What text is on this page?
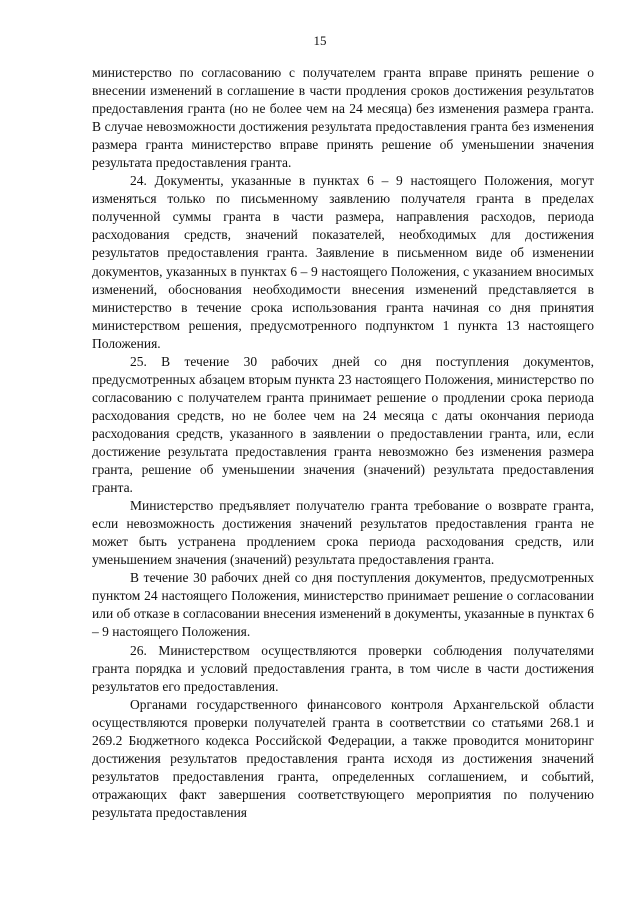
15

министерство по согласованию с получателем гранта вправе принять решение о внесении изменений в соглашение в части продления сроков достижения результатов предоставления гранта (но не более чем на 24 месяца) без изменения размера гранта. В случае невозможности достижения результата предоставления гранта без изменения размера гранта министерство вправе принять решение об уменьшении значения результата предоставления гранта.

24. Документы, указанные в пунктах 6 – 9 настоящего Положения, могут изменяться только по письменному заявлению получателя гранта в пределах полученной суммы гранта в части размера, направления расходов, периода расходования средств, значений показателей, необходимых для достижения результатов предоставления гранта. Заявление в письменном виде об изменении документов, указанных в пунктах 6 – 9 настоящего Положения, с указанием вносимых изменений, обоснования необходимости внесения изменений представляется в министерство в течение срока использования гранта начиная со дня принятия министерством решения, предусмотренного подпунктом 1 пункта 13 настоящего Положения.

25. В течение 30 рабочих дней со дня поступления документов, предусмотренных абзацем вторым пункта 23 настоящего Положения, министерство по согласованию с получателем гранта принимает решение о продлении срока периода расходования средств, но не более чем на 24 месяца с даты окончания периода расходования средств, указанного в заявлении о предоставлении гранта, или, если достижение результата предоставления гранта невозможно без изменения размера гранта, решение об уменьшении значения (значений) результата предоставления гранта.

Министерство предъявляет получателю гранта требование о возврате гранта, если невозможность достижения значений результатов предоставления гранта не может быть устранена продлением срока периода расходования средств, или уменьшением значения (значений) результата предоставления гранта.

В течение 30 рабочих дней со дня поступления документов, предусмотренных пунктом 24 настоящего Положения, министерство принимает решение о согласовании или об отказе в согласовании внесения изменений в документы, указанные в пунктах 6 – 9 настоящего Положения.

26. Министерством осуществляются проверки соблюдения получателями гранта порядка и условий предоставления гранта, в том числе в части достижения результатов его предоставления.

Органами государственного финансового контроля Архангельской области осуществляются проверки получателей гранта в соответствии со статьями 268.1 и 269.2 Бюджетного кодекса Российской Федерации, а также проводится мониторинг достижения результатов предоставления гранта исходя из достижения значений результатов предоставления гранта, определенных соглашением, и событий, отражающих факт завершения соответствующего мероприятия по получению результата предоставления
